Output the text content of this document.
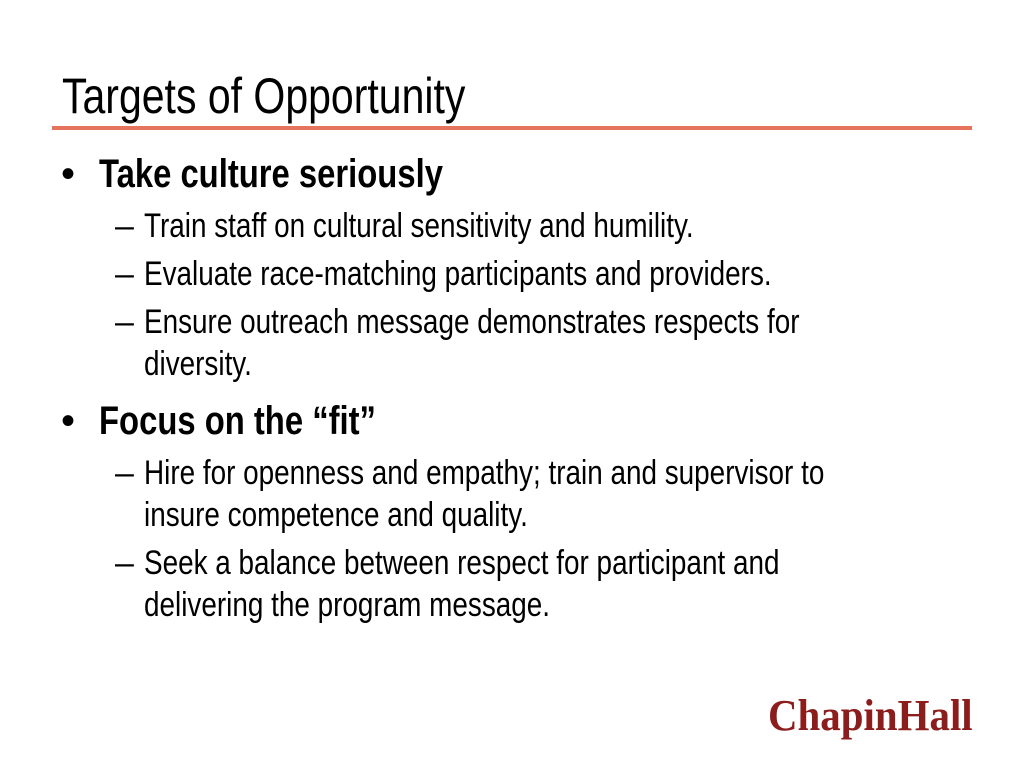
Targets of Opportunity
• Take culture seriously
– Train staff on cultural sensitivity and humility.
– Evaluate race-matching participants and providers.
– Ensure outreach message demonstrates respects for diversity.
• Focus on the “fit”
– Hire for openness and empathy; train and supervisor to insure competence and quality.
– Seek a balance between respect for participant and delivering the program message.
ChapinHall
